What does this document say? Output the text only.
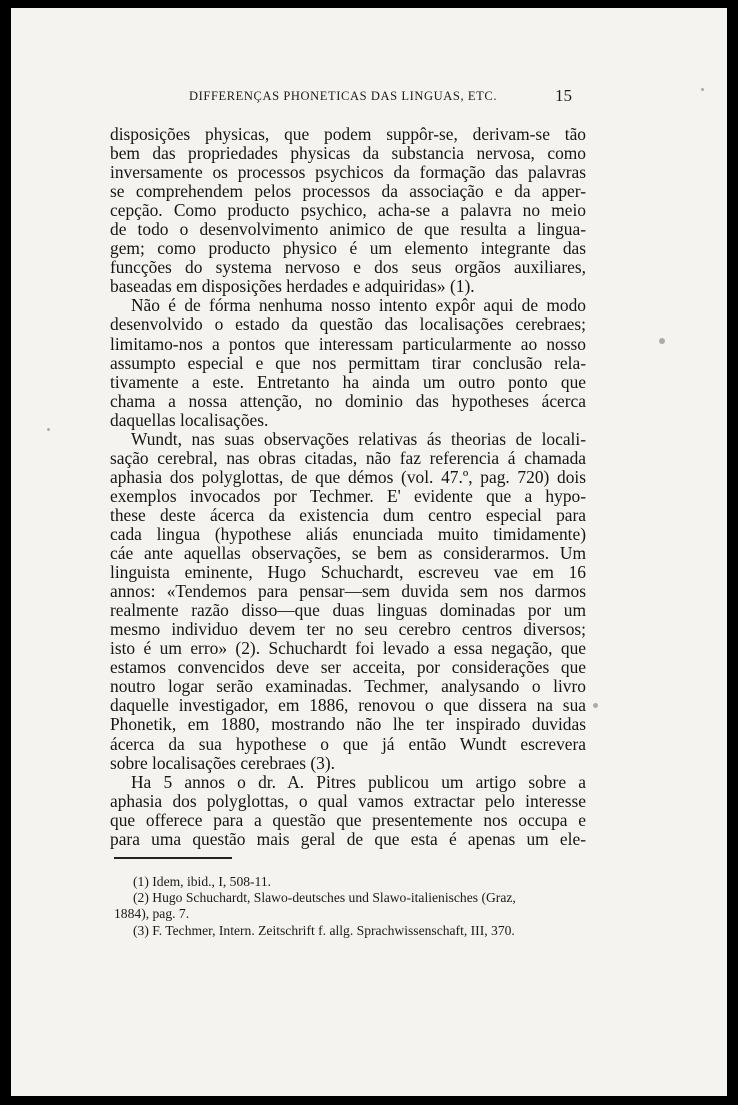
DIFFERENÇAS PHONETICAS DAS LINGUAS, ETC.	15

disposições physicas, que podem suppôr-se, derivam-se tão
bem das propriedades physicas da substancia nervosa, como
inversamente os processos psychicos da formação das palavras
se comprehendem pelos processos da associação e da apper-
cepção. Como producto psychico, acha-se a palavra no meio
de todo o desenvolvimento animico de que resulta a lingua-
gem; como producto physico é um elemento integrante das
funcções do systema nervoso e dos seus orgãos auxiliares,
baseadas em disposições herdades e adquiridas» (1).

Não é de fórma nenhuma nosso intento expôr aqui de modo
desenvolvido o estado da questão das localisações cerebraes;
limitamo-nos a pontos que interessam particularmente ao nosso
assumpto especial e que nos permittam tirar conclusão rela-
tivamente a este. Entretanto ha ainda um outro ponto que
chama a nossa attenção, no dominio das hypotheses ácerca
daquellas localisações.

Wundt, nas suas observações relativas ás theorias de locali-
sação cerebral, nas obras citadas, não faz referencia á chamada
aphasia dos polyglottas, de que démos (vol. 47.º, pag. 720) dois
exemplos invocados por Techmer. E' evidente que a hypo-
these deste ácerca da existencia dum centro especial para
cada lingua (hypothese aliás enunciada muito timidamente)
cáe ante aquellas observações, se bem as considerarmos. Um
linguista eminente, Hugo Schuchardt, escreveu vae em 16
annos: «Tendemos para pensar—sem duvida sem nos darmos
realmente razão disso—que duas linguas dominadas por um
mesmo individuo devem ter no seu cerebro centros diversos;
isto é um erro» (2). Schuchardt foi levado a essa negação, que
estamos convencidos deve ser acceita, por considerações que
noutro logar serão examinadas. Techmer, analysando o livro
daquelle investigador, em 1886, renovou o que dissera na sua
Phonetik, em 1880, mostrando não lhe ter inspirado duvidas
ácerca da sua hypothese o que já então Wundt escrevera
sobre localisações cerebraes (3).

Ha 5 annos o dr. A. Pitres publicou um artigo sobre a
aphasia dos polyglottas, o qual vamos extractar pelo interesse
que offerece para a questão que presentemente nos occupa e
para uma questão mais geral de que esta é apenas um ele-

(1) Idem, ibid., I, 508-11.
(2) Hugo Schuchardt, Slawo-deutsches und Slawo-italienisches (Graz,
1884), pag. 7.
(3) F. Techmer, Intern. Zeitschrift f. allg. Sprachwissenschaft, III, 370.
